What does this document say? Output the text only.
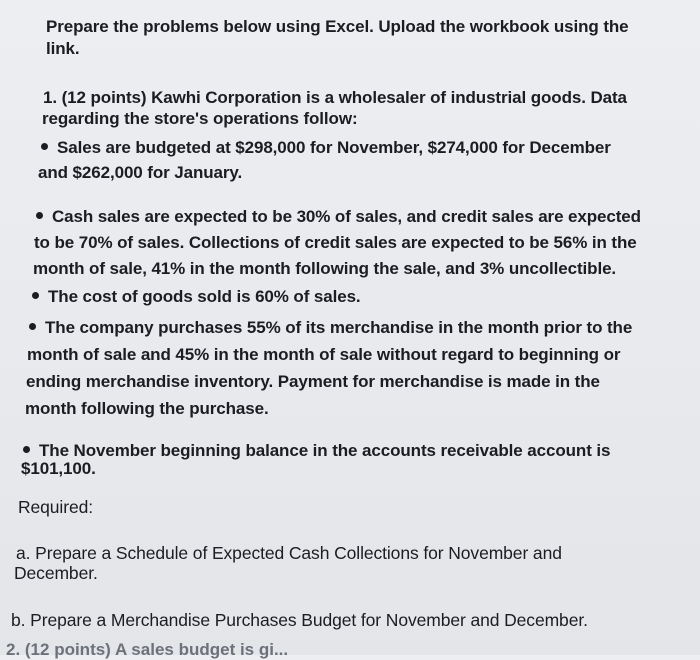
Prepare the problems below using Excel. Upload the workbook using the
link.
1. (12 points) Kawhi Corporation is a wholesaler of industrial goods. Data
regarding the store's operations follow:
Sales are budgeted at $298,000 for November, $274,000 for December
and $262,000 for January.
Cash sales are expected to be 30% of sales, and credit sales are expected
to be 70% of sales. Collections of credit sales are expected to be 56% in the
month of sale, 41% in the month following the sale, and 3% uncollectible.
The cost of goods sold is 60% of sales.
The company purchases 55% of its merchandise in the month prior to the
month of sale and 45% in the month of sale without regard to beginning or
ending merchandise inventory. Payment for merchandise is made in the
month following the purchase.
The November beginning balance in the accounts receivable account is
$101,100.
Required:
a. Prepare a Schedule of Expected Cash Collections for November and
December.
b. Prepare a Merchandise Purchases Budget for November and December.
2. (12 points) A sales budget is gi...
